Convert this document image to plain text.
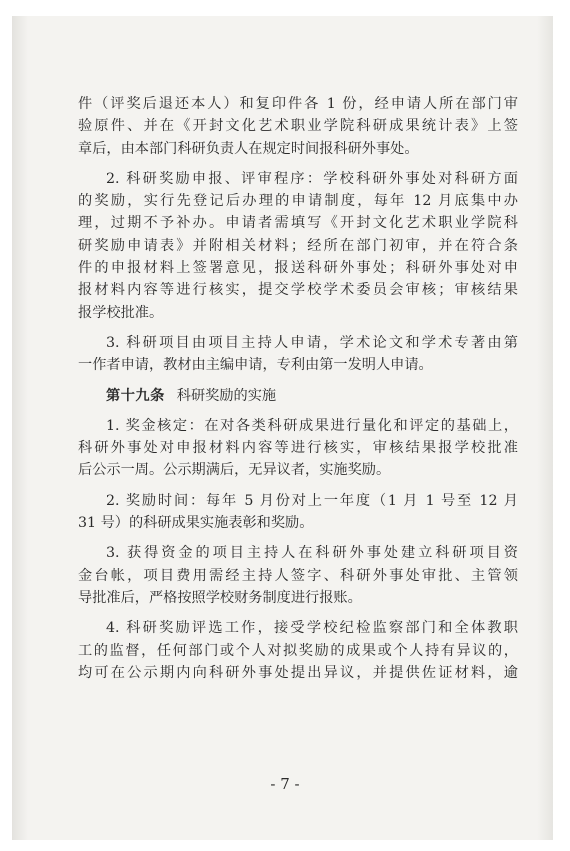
件（评奖后退还本人）和复印件各 1 份，经申请人所在部门审
验原件、并在《开封文化艺术职业学院科研成果统计表》上签
章后，由本部门科研负责人在规定时间报科研外事处。
2. 科研奖励申报、评审程序：学校科研外事处对科研方面
的奖励，实行先登记后办理的申请制度，每年 12 月底集中办
理，过期不予补办。申请者需填写《开封文化艺术职业学院科
研奖励申请表》并附相关材料；经所在部门初审，并在符合条
件的申报材料上签署意见，报送科研外事处；科研外事处对申
报材料内容等进行核实，提交学校学术委员会审核；审核结果
报学校批准。
3. 科研项目由项目主持人申请，学术论文和学术专著由第
一作者申请，教材由主编申请，专利由第一发明人申请。
第十九条 科研奖励的实施
1. 奖金核定：在对各类科研成果进行量化和评定的基础上，
科研外事处对申报材料内容等进行核实，审核结果报学校批准
后公示一周。公示期满后，无异议者，实施奖励。
2. 奖励时间：每年 5 月份对上一年度（1 月 1 号至 12 月
31 号）的科研成果实施表彰和奖励。
3. 获得资金的项目主持人在科研外事处建立科研项目资
金台帐，项目费用需经主持人签字、科研外事处审批、主管领
导批准后，严格按照学校财务制度进行报账。
4. 科研奖励评选工作，接受学校纪检监察部门和全体教职
工的监督，任何部门或个人对拟奖励的成果或个人持有异议的，
均可在公示期内向科研外事处提出异议，并提供佐证材料，逾
- 7 -
